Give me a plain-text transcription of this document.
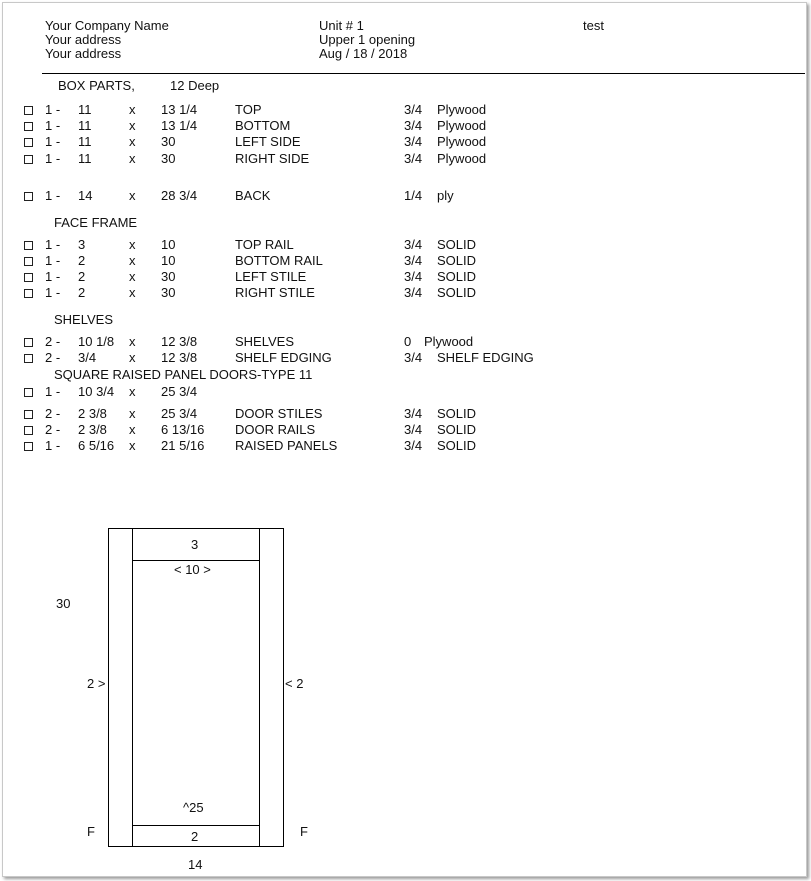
Your Company Name
Your address
Your address
Unit # 1
Upper 1 opening
Aug / 18 / 2018
test
BOX PARTS,	12 Deep
1 - 11	x 13 1/4	TOP	3/4 Plywood
1 - 11	x 13 1/4	BOTTOM	3/4 Plywood
1 - 11	x 30	LEFT SIDE	3/4 Plywood
1 - 11	x 30	RIGHT SIDE	3/4 Plywood
1 - 14	x 28 3/4	BACK	1/4 ply
FACE FRAME
1 - 3	x 10	TOP RAIL	3/4 SOLID
1 - 2	x 10	BOTTOM RAIL	3/4 SOLID
1 - 2	x 30	LEFT STILE	3/4 SOLID
1 - 2	x 30	RIGHT STILE	3/4 SOLID
SHELVES
2 - 10 1/8 x 12 3/8	SHELVES	0 Plywood
2 - 3/4	x 12 3/8	SHELF EDGING	3/4 SHELF EDGING
SQUARE RAISED PANEL DOORS-TYPE 11
1 - 10 3/4 x 25 3/4
2 - 2 3/8 x 25 3/4	DOOR STILES	3/4 SOLID
2 - 2 3/8 x 6 13/16 DOOR RAILS	3/4 SOLID
1 - 6 5/16 x 21 5/16 RAISED PANELS	3/4 SOLID
3
< 10 >
30
2 >	< 2
^25
2
F	F
14
